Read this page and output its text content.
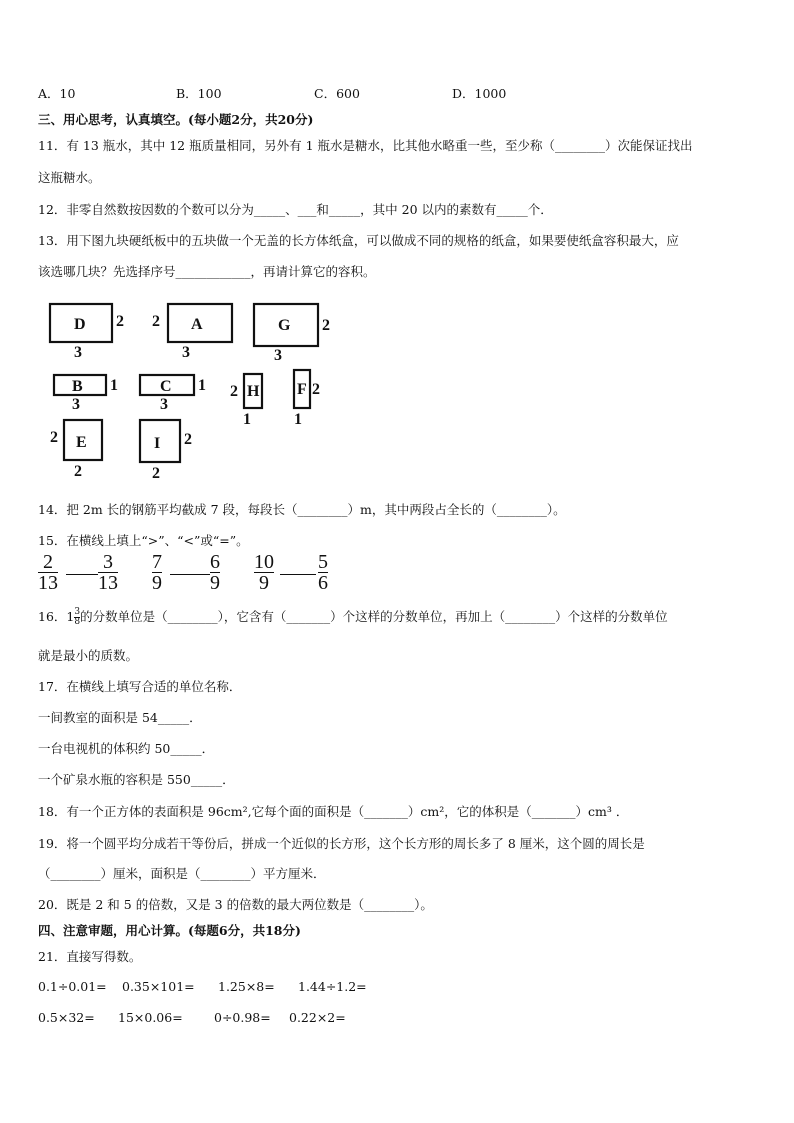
A．10	B．100	C．600	D．1000
三、用心思考，认真填空。(每小题2分，共20分)
11．有 13 瓶水，其中 12 瓶质量相同，另外有 1 瓶水是糖水，比其他水略重一些，至少称（________）次能保证找出
这瓶糖水。
12．非零自然数按因数的个数可以分为_____、___和_____，其中 20 以内的素数有_____个．
13．用下图九块硬纸板中的五块做一个无盖的长方体纸盒，可以做成不同的规格的纸盒，如果要使纸盒容积最大，应
该选哪几块？先选择序号____________，再请计算它的容积。
D 2
3
A
2
3
G 2
3
B 1
3
C 1
3
H
2
1
F 2
1
E
2
2
I 2
2
14．把 2m 长的钢筋平均截成 7 段，每段长（________）m，其中两段占全长的（________）。
15．在横线上填上“>”、“<”或“=”。
2
13
3
13
7
9
6
9
10
9
5
6
16．$1 \frac{3}{8}$ 的分数单位是（________），它含有（_______）个这样的分数单位，再加上（________）个这样的分数单位
就是最小的质数。
17．在横线上填写合适的单位名称．
一间教室的面积是 54_____．
一台电视机的体积约 50_____．
一个矿泉水瓶的容积是 550_____．
18．有一个正方体的表面积是 96cm²,它每个面的面积是（_______）cm²，它的体积是（_______）cm³ ．
19．将一个圆平均分成若干等份后，拼成一个近似的长方形，这个长方形的周长多了 8 厘米，这个圆的周长是
（________）厘米，面积是（________）平方厘米．
20．既是 2 和 5 的倍数，又是 3 的倍数的最大两位数是（________）。
四、注意审题，用心计算。(每题6分，共18分)
21．直接写得数。
0.1÷0.01= 0.35×101= 1.25×8= 1.44÷1.2=
0.5×32= 15×0.06=	0÷0.98= 0.22×2=
